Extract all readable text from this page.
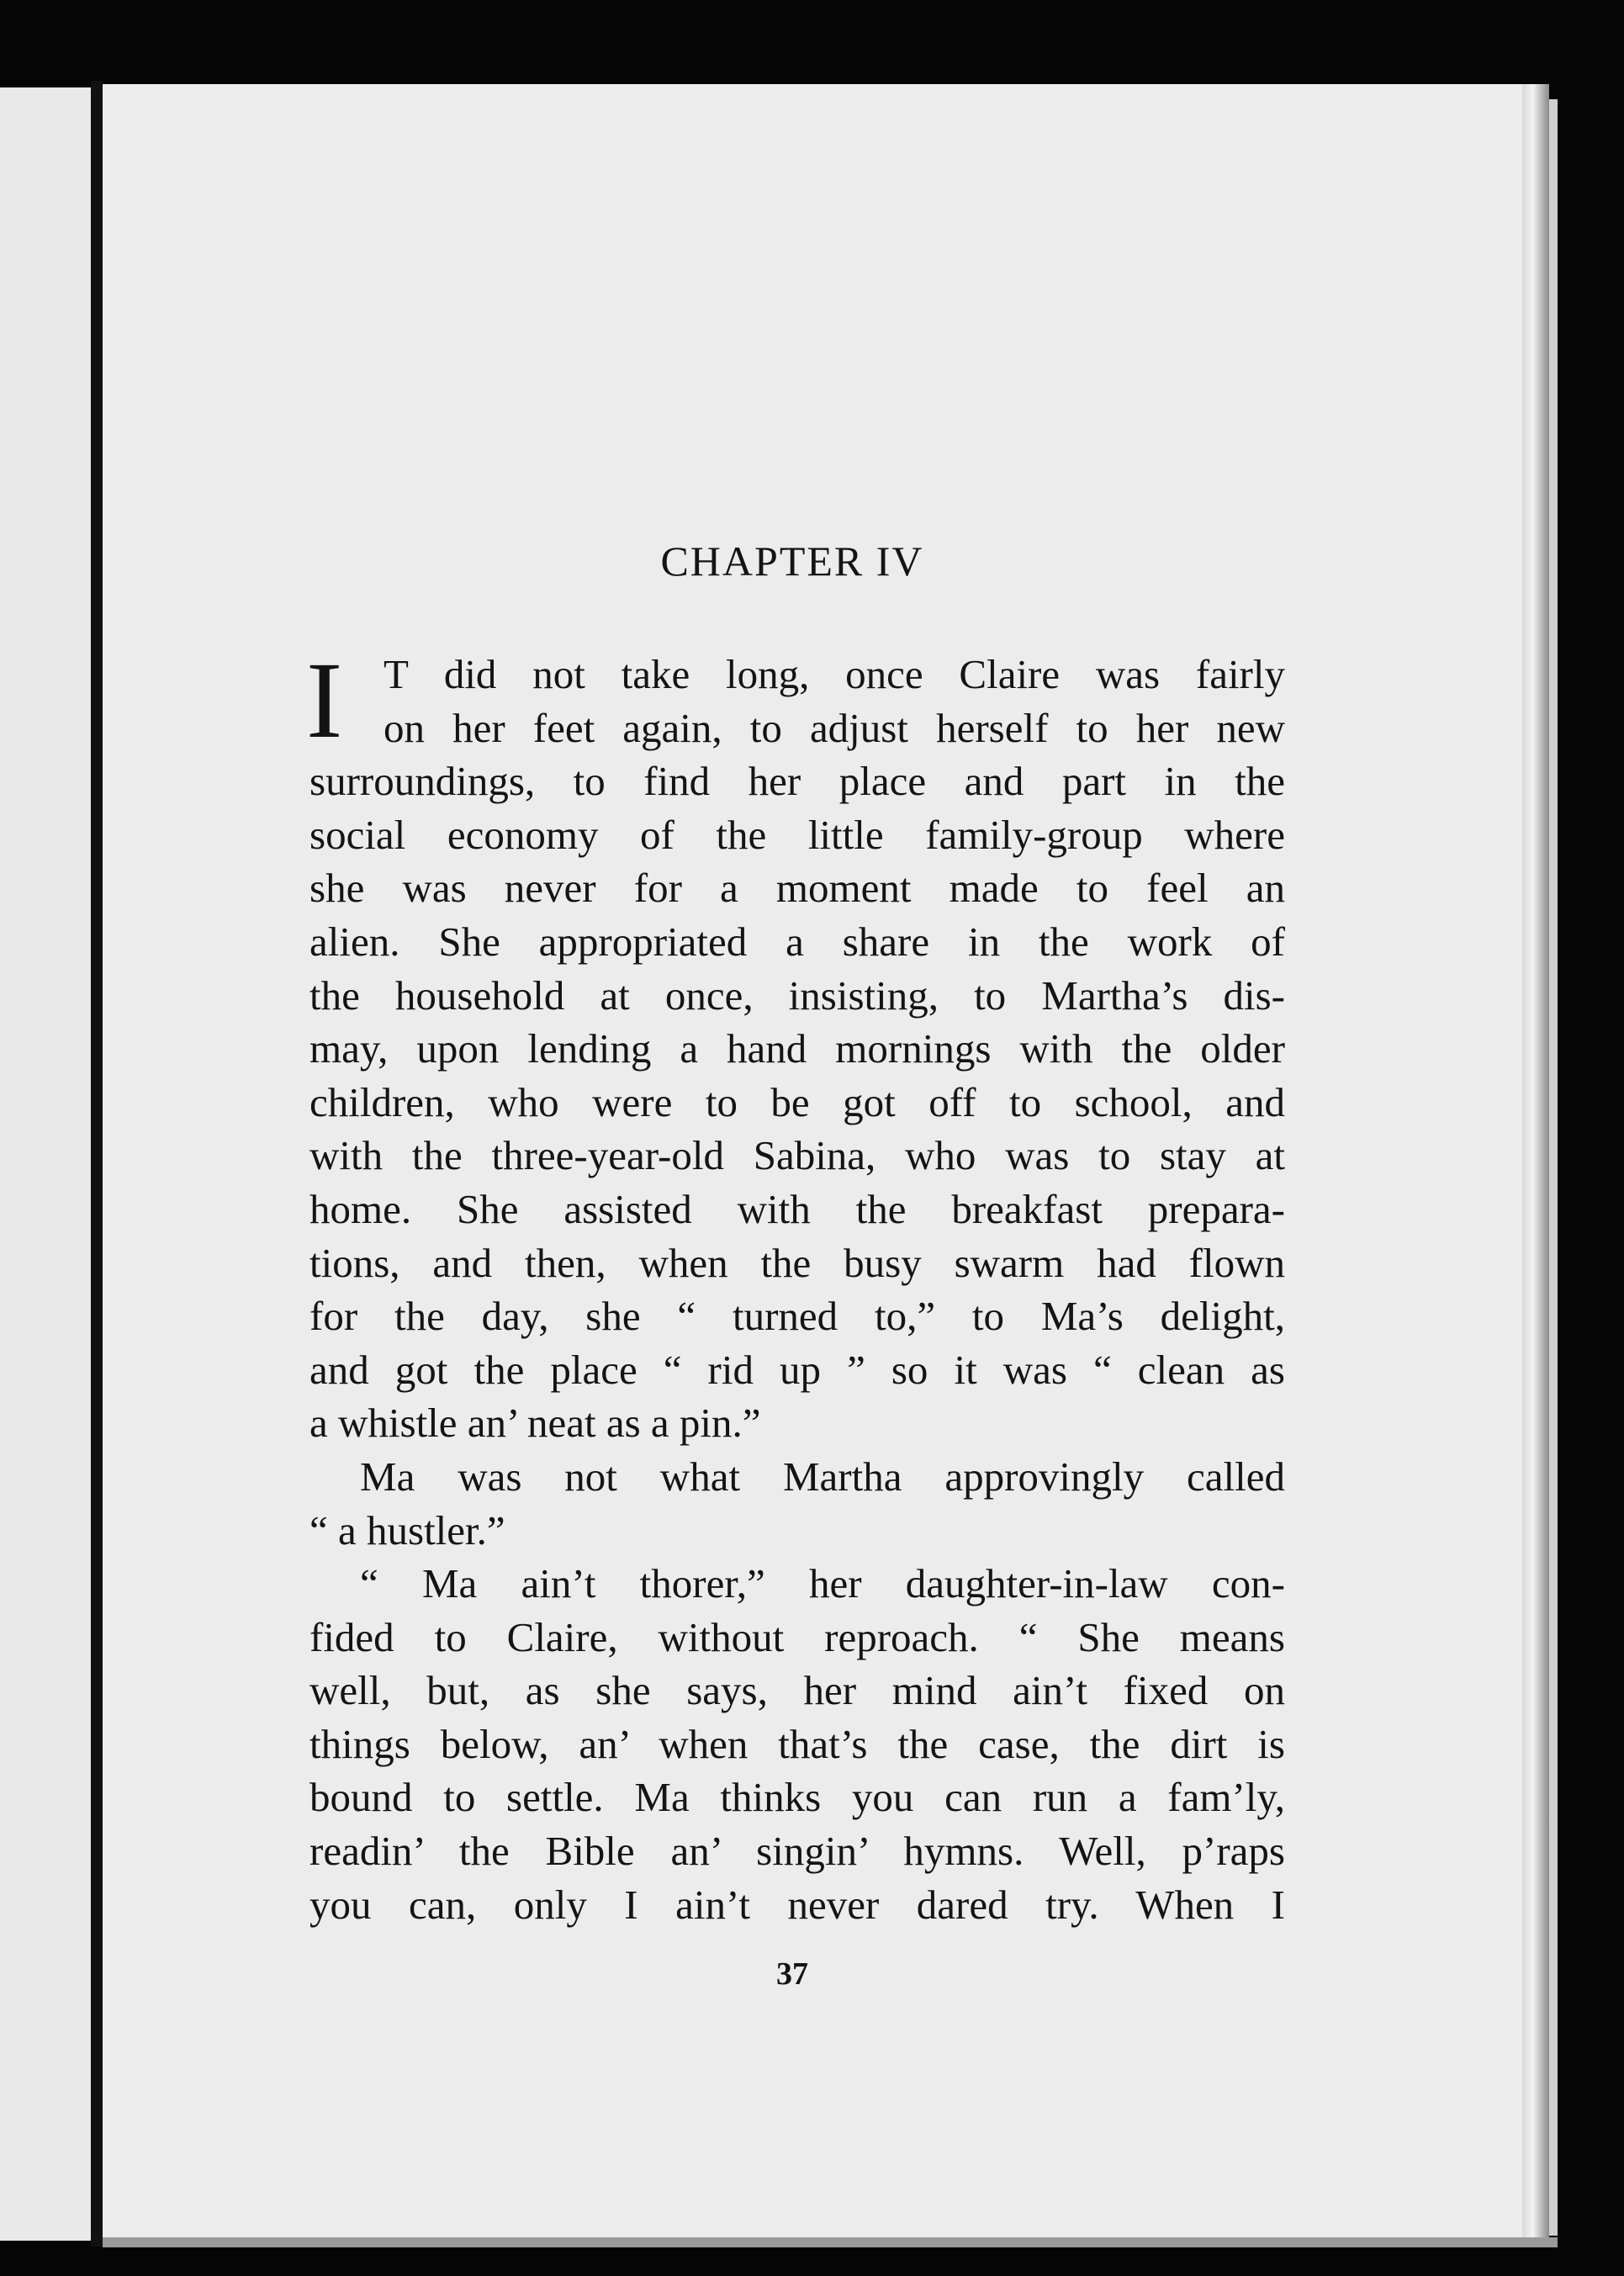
CHAPTER IV
I T did not take long, once Claire was fairly
on her feet again, to adjust herself to her new
surroundings, to find her place and part in the
social economy of the little family-group where
she was never for a moment made to feel an
alien. She appropriated a share in the work of
the household at once, insisting, to Martha’s dis-
may, upon lending a hand mornings with the older
children, who were to be got off to school, and
with the three-year-old Sabina, who was to stay at
home. She assisted with the breakfast prepara-
tions, and then, when the busy swarm had flown
for the day, she “ turned to,” to Ma’s delight,
and got the place “ rid up ” so it was “ clean as
a whistle an’ neat as a pin.”
Ma was not what Martha approvingly called
“ a hustler.”
“ Ma ain’t thorer,” her daughter-in-law con-
fided to Claire, without reproach. “ She means
well, but, as she says, her mind ain’t fixed on
things below, an’ when that’s the case, the dirt is
bound to settle. Ma thinks you can run a fam’ly,
readin’ the Bible an’ singin’ hymns. Well, p’raps
you can, only I ain’t never dared try. When I
37
